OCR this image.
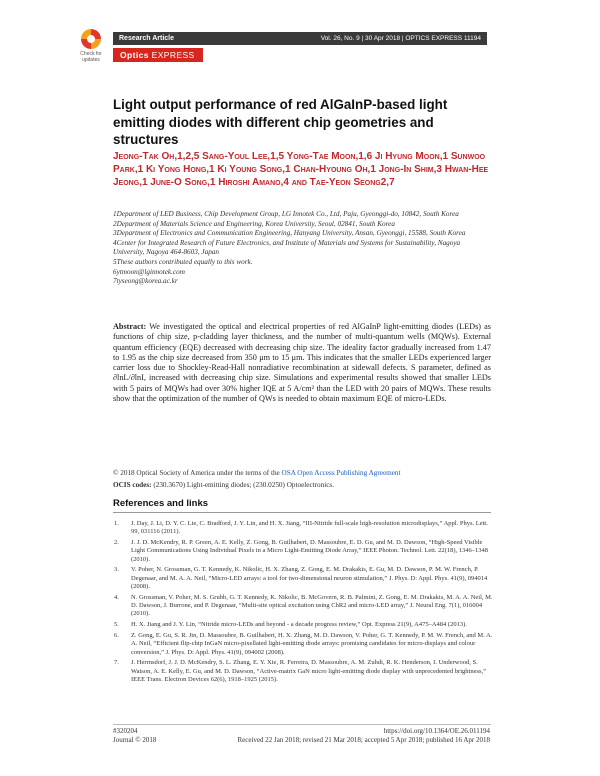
Check for updates
Research Article	Vol. 26, No. 9 | 30 Apr 2018 | OPTICS EXPRESS 11194
Optics EXPRESS
Light output performance of red AlGaInP-based light emitting diodes with different chip geometries and structures
Jeong-Tak Oh,1,2,5 Sang-Youl Lee,1,5 Yong-Tae Moon,1,6 Ji Hyung Moon,1 Sunwoo Park,1 Ki Yong Hong,1 Ki Young Song,1 Chan-Hyoung Oh,1 Jong-In Shim,3 Hwan-Hee Jeong,1 June-O Song,1 Hiroshi Amano,4 and Tae-Yeon Seong2,7

1Department of LED Business, Chip Development Group, LG Innotek Co., Ltd, Paju, Gyeonggi-do, 10842, South Korea

2Department of Materials Science and Engineering, Korea University, Seoul, 02841, South Korea

3Department of Electronics and Communication Engineering, Hanyang University, Ansan, Gyeonggi, 15588, South Korea

4Center for Integrated Research of Future Electronics, and Institute of Materials and Systems for Sustainability, Nagoya University, Nagoya 464-8603, Japan

5These authors contributed equally to this work.

6ytmoon@lginnotek.com

7tyseong@korea.ac.kr

Abstract: We investigated the optical and electrical properties of red AlGaInP light-emitting diodes (LEDs) as functions of chip size, p-cladding layer thickness, and the number of multi-quantum wells (MQWs). External quantum efficiency (EQE) decreased with decreasing chip size. The ideality factor gradually increased from 1.47 to 1.95 as the chip size decreased from 350 μm to 15 μm. This indicates that the smaller LEDs experienced larger carrier loss due to Shockley-Read-Hall nonradiative recombination at sidewall defects. S parameter, defined as ∂lnL/∂lnI, increased with decreasing chip size. Simulations and experimental results showed that smaller LEDs with 5 pairs of MQWs had over 30% higher IQE at 5 A/cm² than the LED with 20 pairs of MQWs. These results show that the optimization of the number of QWs is needed to obtain maximum EQE of micro-LEDs.
© 2018 Optical Society of America under the terms of the OSA Open Access Publishing Agreement
OCIS codes: (230.3670) Light-emitting diodes; (230.0250) Optoelectronics.
References and links
1. J. Day, J. Li, D. Y. C. Lie, C. Bradford, J. Y. Lin, and H. X. Jiang, “III-Nitride full-scale high-resolution microdisplays,” Appl. Phys. Lett. 99, 031116 (2011).
2. J. J. D. McKendry, R. P. Green, A. E. Kelly, Z. Gong, B. Guilhabert, D. Massoubre, E. D. Gu, and M. D. Dawson, “High-Speed Visible Light Communications Using Individual Pixels in a Micro Light-Emitting Diode Array,” IEEE Photon. Technol. Lett. 22(18), 1346–1348 (2010).
3. V. Poher, N. Grossman, G. T. Kennedy, K. Nikolic, H. X. Zhang, Z. Gong, E. M. Drakakis, E. Gu, M. D. Dawson, P. M. W. French, P. Degenaar, and M. A. A. Neil, “Micro-LED arrays: a tool for two-dimensional neuron stimulation,” J. Phys. D: Appl. Phys. 41(9), 094014 (2008).
4. N. Grossman, V. Poher, M. S. Grubb, G. T. Kennedy, K. Nikolic, B. McGovern, R. B. Palmini, Z. Gong, E. M. Drakakis, M. A. A. Neil, M. D. Dawson, J. Burrone, and P. Degenaar, “Multi-site optical excitation using ChR2 and micro-LED array,” J. Neural Eng. 7(1), 016004 (2010).
5. H. X. Jiang and J. Y. Lin, “Nitride micro-LEDs and beyond - a decade progress review,” Opt. Express 21(9), A475–A484 (2013).
6. Z. Gong, E. Gu, S. R. Jin, D. Massoubre, B. Guilhabert, H. X. Zhang, M. D. Dawson, V. Poher, G. T. Kennedy, P. M. W. French, and M. A. A. Neil, “Efficient flip-chip InGaN micro-pixellated light-emitting diode arrays: promising candidates for micro-displays and colour conversion,” J. Phys. D: Appl. Phys. 41(9), 094002 (2008).
7. J. Herrnsdorf, J. J. D. McKendry, S. L. Zhang, E. Y. Xie, R. Ferreira, D. Massoubre, A. M. Zuhdi, R. K. Henderson, I. Underwood, S. Watson, A. E. Kelly, E. Gu, and M. D. Dawson, “Active-matrix GaN micro light-emitting diode display with unprecedented brightness,” IEEE Trans. Electron Devices 62(6), 1918–1925 (2015).
#320204
Journal © 2018
https://doi.org/10.1364/OE.26.011194
Received 22 Jan 2018; revised 21 Mar 2018; accepted 5 Apr 2018; published 16 Apr 2018
